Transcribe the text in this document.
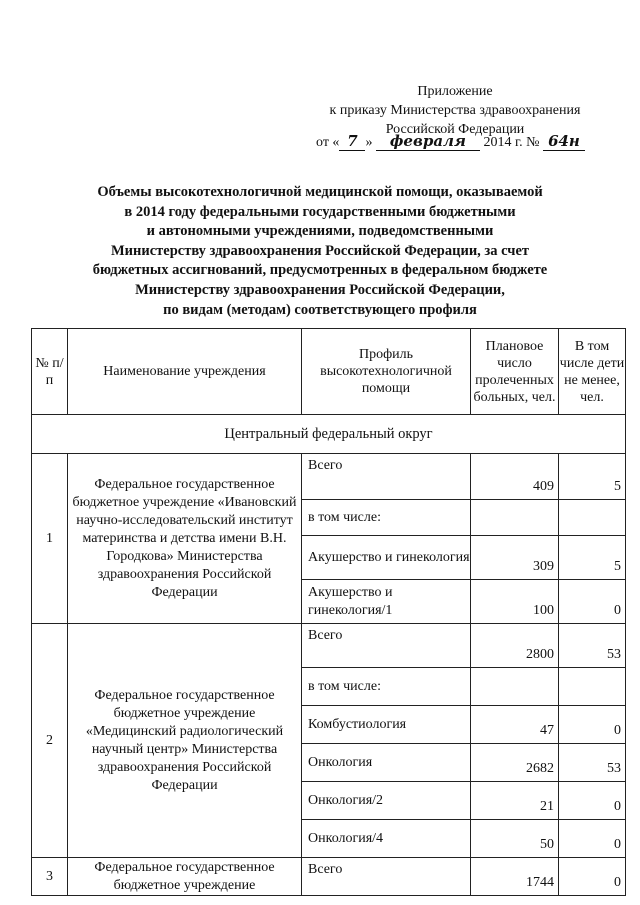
Приложение
к приказу Министерства здравоохранения
Российской Федерации
от « 7 » февраля 2014 г. № 64н
Объемы высокотехнологичной медицинской помощи, оказываемой
в 2014 году федеральными государственными бюджетными
и автономными учреждениями, подведомственными
Министерству здравоохранения Российской Федерации, за счет
бюджетных ассигнований, предусмотренных в федеральном бюджете
Министерству здравоохранения Российской Федерации,
по видам (методам) соответствующего профиля
№ п/п	Наименование учреждения	Профиль высокотехнологичной помощи	Плановое число пролеченных больных, чел.	В том числе дети не менее, чел.
Центральный федеральный округ				
1	Федеральное государственное бюджетное учреждение «Ивановский научно-исследовательский институт материнства и детства имени В.Н. Городкова» Министерства здравоохранения Российской Федерации	Всего	409	5
		в том числе:		

		Акушерство и гинекология	309	5

		Акушерство и гинекология/1	100	0
2	Федеральное государственное бюджетное учреждение «Медицинский радиологический научный центр» Министерства здравоохранения Российской Федерации	Всего	2800	53
		в том числе:		
		Комбустиология	47	0
		Онкология	2682	53
		Онкология/2	21	0
		Онкология/4	50	0
3	Федеральное государственное бюджетное учреждение	Всего	1744	0
